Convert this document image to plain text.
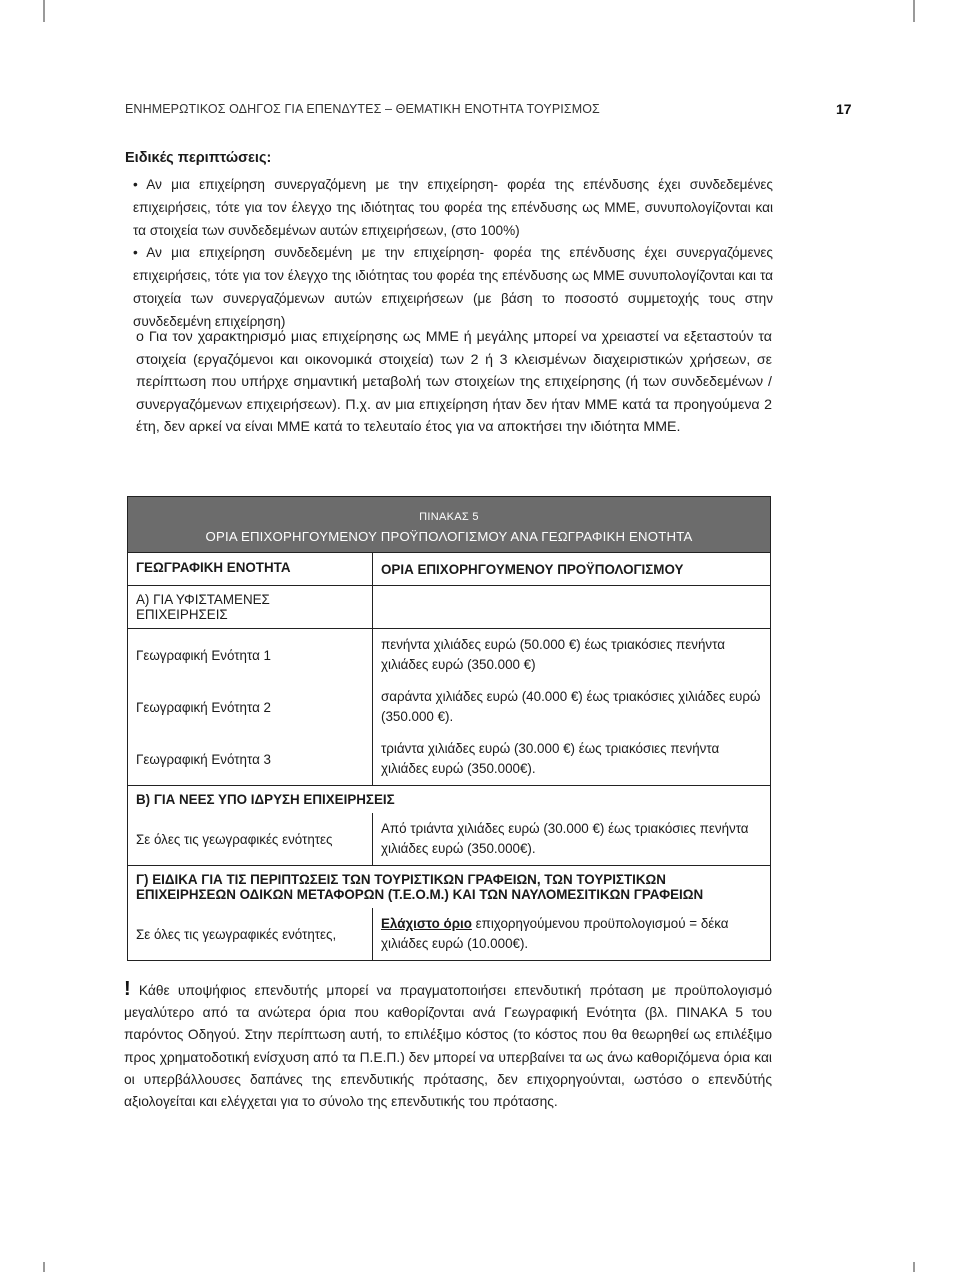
ΕΝΗΜΕΡΩΤΙΚΟΣ ΟΔΗΓΟΣ ΓΙΑ ΕΠΕΝΔΥΤΕΣ – ΘΕΜΑΤΙΚΗ ΕΝΟΤΗΤΑ ΤΟΥΡΙΣΜΟΣ	17
Ειδικές περιπτώσεις:

• Αν μια επιχείρηση συνεργαζόμενη με την επιχείρηση- φορέα της επένδυσης έχει συνδεδεμένες επιχειρήσεις, τότε για τον έλεγχο της ιδιότητας του φορέα της επένδυσης ως ΜΜΕ, συνυπολογίζονται και τα στοιχεία των συνδεδεμένων αυτών επιχειρήσεων, (στο 100%)

• Αν μια επιχείρηση συνδεδεμένη με την επιχείρηση- φορέα της επένδυσης έχει συνεργαζόμενες επιχειρήσεις, τότε για τον έλεγχο της ιδιότητας του φορέα της επένδυσης ως ΜΜΕ συνυπολογίζονται και τα στοιχεία των συνεργαζόμενων αυτών επιχειρήσεων (με βάση το ποσοστό συμμετοχής τους στην συνδεδεμένη επιχείρηση)

ο Για τον χαρακτηρισμό μιας επιχείρησης ως ΜΜΕ ή μεγάλης μπορεί να χρειαστεί να εξεταστούν τα στοιχεία (εργαζόμενοι και οικονομικά στοιχεία) των 2 ή 3 κλεισμένων διαχειριστικών χρήσεων, σε περίπτωση που υπήρχε σημαντική μεταβολή των στοιχείων της επιχείρησης (ή των συνδεδεμένων / συνεργαζόμενων επιχειρήσεων). Π.χ. αν μια επιχείρηση ήταν δεν ήταν ΜΜΕ κατά τα προηγούμενα 2 έτη, δεν αρκεί να είναι ΜΜΕ κατά το τελευταίο έτος για να αποκτήσει την ιδιότητα ΜΜΕ.

ΠΙΝΑΚΑΣ 5
ΟΡΙΑ ΕΠΙΧΟΡΗΓΟΥΜΕΝΟΥ ΠΡΟΫΠΟΛΟΓΙΣΜΟΥ ΑΝΑ ΓΕΩΓΡΑΦΙΚΗ ΕΝΟΤΗΤΑ
ΓΕΩΓΡΑΦΙΚΗ ΕΝΟΤΗΤΑ	ΟΡΙΑ ΕΠΙΧΟΡΗΓΟΥΜΕΝΟΥ ΠΡΟΫΠΟΛΟΓΙΣΜΟΥ
Α) ΓΙΑ ΥΦΙΣΤΑΜΕΝΕΣ ΕΠΙΧΕΙΡΗΣΕΙΣ
Γεωγραφική Ενότητα 1
πενήντα χιλιάδες ευρώ (50.000 €) έως τριακόσιες πενήντα χιλιάδες ευρώ (350.000 €)
Γεωγραφική Ενότητα 2
σαράντα χιλιάδες ευρώ (40.000 €) έως τριακόσιες χιλιάδες ευρώ (350.000 €).
Γεωγραφική Ενότητα 3
τριάντα χιλιάδες ευρώ (30.000 €) έως τριακόσιες πενήντα χιλιάδες ευρώ (350.000€).
Β) ΓΙΑ ΝΕΕΣ ΥΠΟ ΙΔΡΥΣΗ ΕΠΙΧΕΙΡΗΣΕΙΣ
Σε όλες τις γεωγραφικές ενότητες
Από τριάντα χιλιάδες ευρώ (30.000 €) έως τριακόσιες πενήντα χιλιάδες ευρώ (350.000€).
Γ) ΕΙΔΙΚΑ ΓΙΑ ΤΙΣ ΠΕΡΙΠΤΩΣΕΙΣ ΤΩΝ ΤΟΥΡΙΣΤΙΚΩΝ ΓΡΑΦΕΙΩΝ, ΤΩΝ ΤΟΥΡΙΣΤΙΚΩΝ ΕΠΙΧΕΙΡΗΣΕΩΝ ΟΔΙΚΩΝ ΜΕΤΑΦΟΡΩΝ (Τ.Ε.Ο.Μ.) ΚΑΙ ΤΩΝ ΝΑΥΛΟΜΕΣΙΤΙΚΩΝ ΓΡΑΦΕΙΩΝ
Σε όλες τις γεωγραφικές ενότητες,
Ελάχιστο όριο επιχορηγούμενου προϋπολογισμού = δέκα χιλιάδες ευρώ (10.000€).
! Κάθε υποψήφιος επενδυτής μπορεί να πραγματοποιήσει επενδυτική πρόταση με προϋπολογισμό μεγαλύτερο από τα ανώτερα όρια που καθορίζονται ανά Γεωγραφική Ενότητα (βλ. ΠΙΝΑΚΑ 5 του παρόντος Οδηγού. Στην περίπτωση αυτή, το επιλέξιμο κόστος (το κόστος που θα θεωρηθεί ως επιλέξιμο προς χρηματοδοτική ενίσχυση από τα Π.Ε.Π.) δεν μπορεί να υπερβαίνει τα ως άνω καθοριζόμενα όρια και οι υπερβάλλουσες δαπάνες της επενδυτικής πρότασης, δεν επιχορηγούνται, ωστόσο ο επενδύτής αξιολογείται και ελέγχεται για το σύνολο της επενδυτικής του πρότασης.
